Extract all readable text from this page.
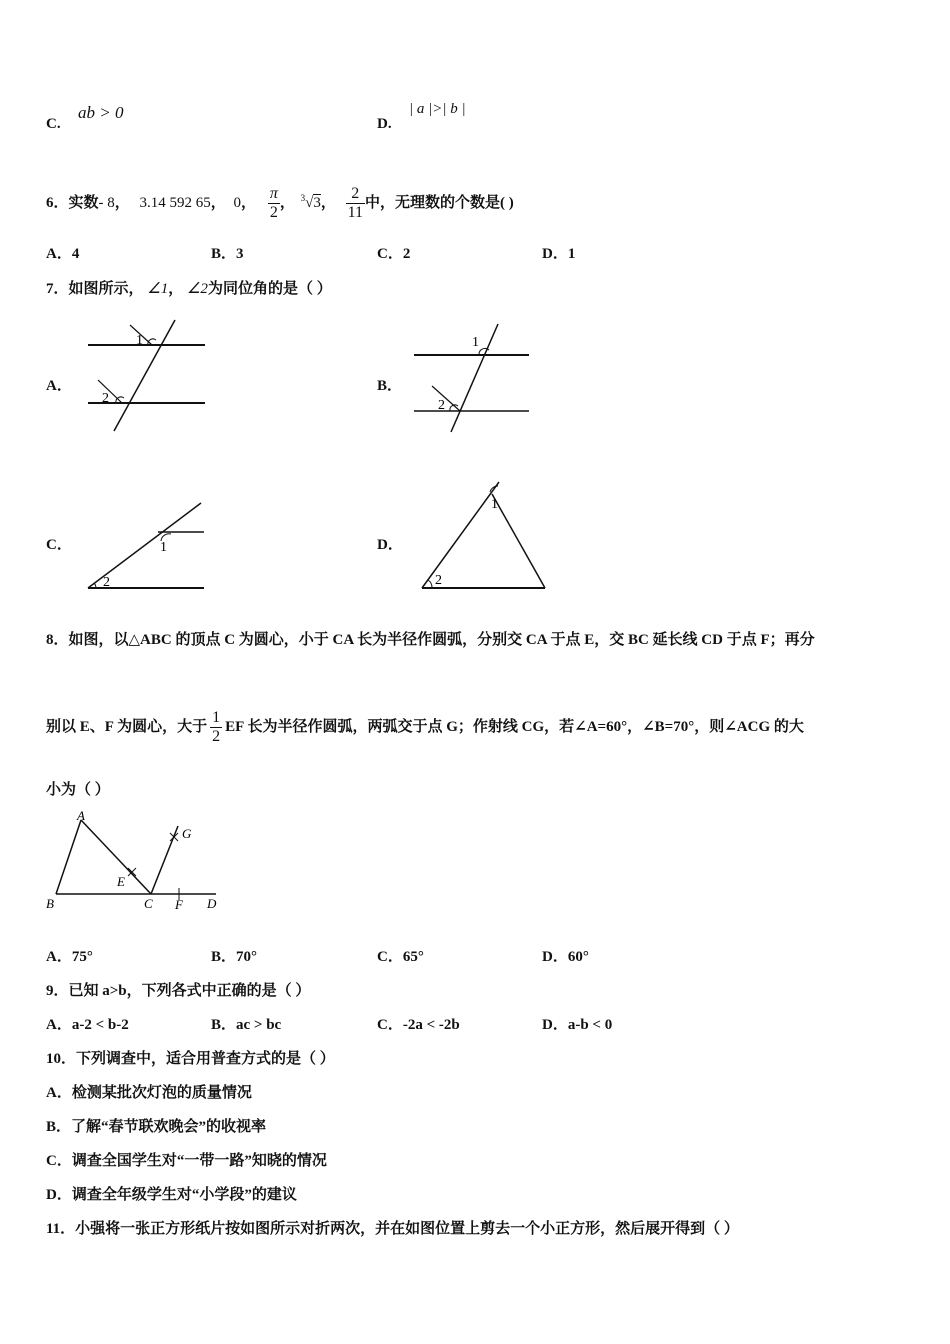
C.
ab > 0
D.
| a |>| b |
6．实数- 8， 3.14 592 65， 0， $\frac{\pi}{2}$ ， $^3$√3， $\frac{2}{11}$ 中，无理数的个数是( )
A．4	B．3	C．2	D．1
7．如图所示， ∠1， ∠2为同位角的是（ ）
A．	B．
C．	D．
1
2
1
2
1
2
1
2
8．如图，以△ABC 的顶点 C 为圆心，小于 CA 长为半径作圆弧，分别交 CA 于点 E，交 BC 延长线 CD 于点 F；再分
别以 E、F 为圆心，大于 $\frac{1}{2}$ EF 长为半径作圆弧，两弧交于点 G；作射线 CG，若∠A=60°，∠B=70°，则∠ACG 的大
小为（ ）
A
B	C	D
E
F
G
A．75°	B．70°	C．65°	D．60°
9．已知 a>b，下列各式中正确的是（ ）
A．a-2 < b-2	B．ac > bc	C．-2a < -2b	D．a-b < 0
10．下列调查中，适合用普查方式的是（ ）
A．检测某批次灯泡的质量情况
B．了解“春节联欢晚会”的收视率
C．调查全国学生对“一带一路”知晓的情况
D．调查全年级学生对“小学段”的建议
11．小强将一张正方形纸片按如图所示对折两次，并在如图位置上剪去一个小正方形，然后展开得到（ ）
